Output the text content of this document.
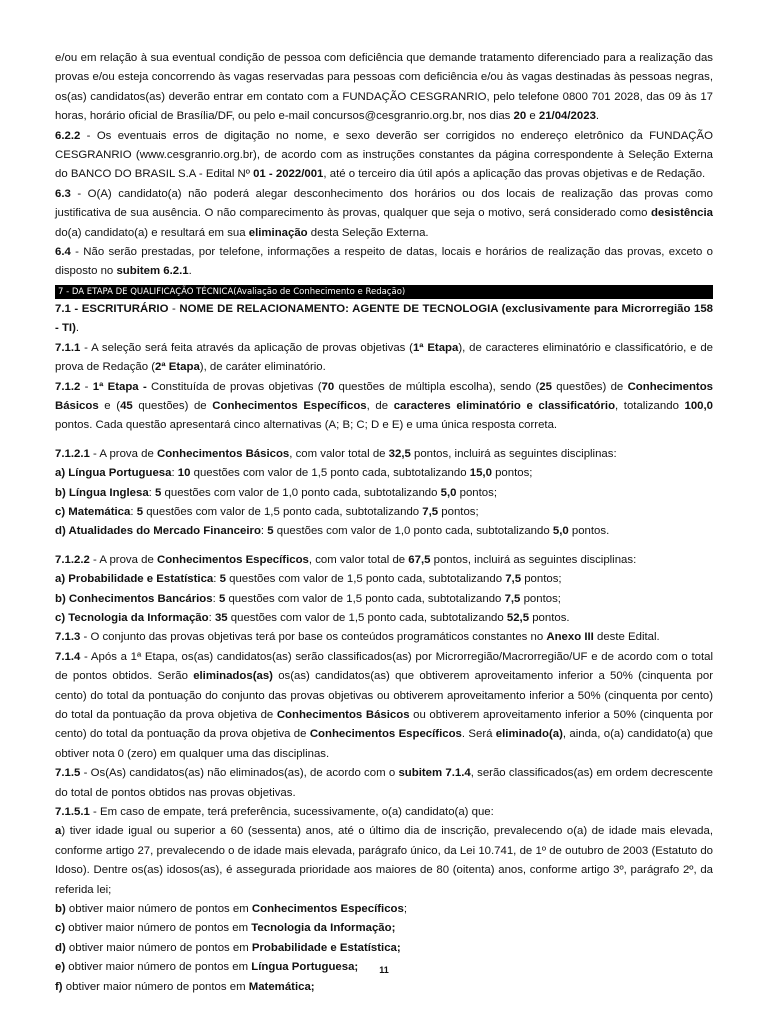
e/ou em relação à sua eventual condição de pessoa com deficiência que demande tratamento diferenciado para a realização das provas e/ou esteja concorrendo às vagas reservadas para pessoas com deficiência e/ou às vagas destinadas às pessoas negras, os(as) candidatos(as) deverão entrar em contato com a FUNDAÇÃO CESGRANRIO, pelo telefone 0800 701 2028, das 09 às 17 horas, horário oficial de Brasília/DF, ou pelo e-mail concursos@cesgranrio.org.br, nos dias 20 e 21/04/2023.

6.2.2 - Os eventuais erros de digitação no nome, e sexo deverão ser corrigidos no endereço eletrônico da FUNDAÇÃO CESGRANRIO (www.cesgranrio.org.br), de acordo com as instruções constantes da página correspondente à Seleção Externa do BANCO DO BRASIL S.A - Edital Nº 01 - 2022/001, até o terceiro dia útil após a aplicação das provas objetivas e de Redação.

6.3 - O(A) candidato(a) não poderá alegar desconhecimento dos horários ou dos locais de realização das provas como justificativa de sua ausência. O não comparecimento às provas, qualquer que seja o motivo, será considerado como desistência do(a) candidato(a) e resultará em sua eliminação desta Seleção Externa.

6.4 - Não serão prestadas, por telefone, informações a respeito de datas, locais e horários de realização das provas, exceto o disposto no subitem 6.2.1.

7 - DA ETAPA DE QUALIFICAÇÃO TÉCNICA(Avaliação de Conhecimento e Redação)

7.1 - ESCRITURÁRIO - NOME DE RELACIONAMENTO: AGENTE DE TECNOLOGIA (exclusivamente para Microrregião 158 - TI).

7.1.1 - A seleção será feita através da aplicação de provas objetivas (1ª Etapa), de caracteres eliminatório e classificatório, e de prova de Redação (2ª Etapa), de caráter eliminatório.

7.1.2 - 1ª Etapa - Constituída de provas objetivas (70 questões de múltipla escolha), sendo (25 questões) de Conhecimentos Básicos e (45 questões) de Conhecimentos Específicos, de caracteres eliminatório e classificatório, totalizando 100,0 pontos. Cada questão apresentará cinco alternativas (A; B; C; D e E) e uma única resposta correta.

7.1.2.1 - A prova de Conhecimentos Básicos, com valor total de 32,5 pontos, incluirá as seguintes disciplinas:

a) Língua Portuguesa: 10 questões com valor de 1,5 ponto cada, subtotalizando 15,0 pontos;

b) Língua Inglesa: 5 questões com valor de 1,0 ponto cada, subtotalizando 5,0 pontos;

c) Matemática: 5 questões com valor de 1,5 ponto cada, subtotalizando 7,5 pontos;

d) Atualidades do Mercado Financeiro: 5 questões com valor de 1,0 ponto cada, subtotalizando 5,0 pontos.

7.1.2.2 - A prova de Conhecimentos Específicos, com valor total de 67,5 pontos, incluirá as seguintes disciplinas:

a) Probabilidade e Estatística: 5 questões com valor de 1,5 ponto cada, subtotalizando 7,5 pontos;

b) Conhecimentos Bancários: 5 questões com valor de 1,5 ponto cada, subtotalizando 7,5 pontos;

c) Tecnologia da Informação: 35 questões com valor de 1,5 ponto cada, subtotalizando 52,5 pontos.

7.1.3 - O conjunto das provas objetivas terá por base os conteúdos programáticos constantes no Anexo III deste Edital.

7.1.4 - Após a 1ª Etapa, os(as) candidatos(as) serão classificados(as) por Microrregião/Macrorregião/UF e de acordo com o total de pontos obtidos. Serão eliminados(as) os(as) candidatos(as) que obtiverem aproveitamento inferior a 50% (cinquenta por cento) do total da pontuação do conjunto das provas objetivas ou obtiverem aproveitamento inferior a 50% (cinquenta por cento) do total da pontuação da prova objetiva de Conhecimentos Básicos ou obtiverem aproveitamento inferior a 50% (cinquenta por cento) do total da pontuação da prova objetiva de Conhecimentos Específicos. Será eliminado(a), ainda, o(a) candidato(a) que obtiver nota 0 (zero) em qualquer uma das disciplinas.

7.1.5 - Os(As) candidatos(as) não eliminados(as), de acordo com o subitem 7.1.4, serão classificados(as) em ordem decrescente do total de pontos obtidos nas provas objetivas.

7.1.5.1 - Em caso de empate, terá preferência, sucessivamente, o(a) candidato(a) que:

a) tiver idade igual ou superior a 60 (sessenta) anos, até o último dia de inscrição, prevalecendo o(a) de idade mais elevada, conforme artigo 27, prevalecendo o de idade mais elevada, parágrafo único, da Lei 10.741, de 1º de outubro de 2003 (Estatuto do Idoso). Dentre os(as) idosos(as), é assegurada prioridade aos maiores de 80 (oitenta) anos, conforme artigo 3º, parágrafo 2º, da referida lei;

b) obtiver maior número de pontos em Conhecimentos Específicos;

c) obtiver maior número de pontos em Tecnologia da Informação;

d) obtiver maior número de pontos em Probabilidade e Estatística;

e) obtiver maior número de pontos em Língua Portuguesa;

f) obtiver maior número de pontos em Matemática;

11
